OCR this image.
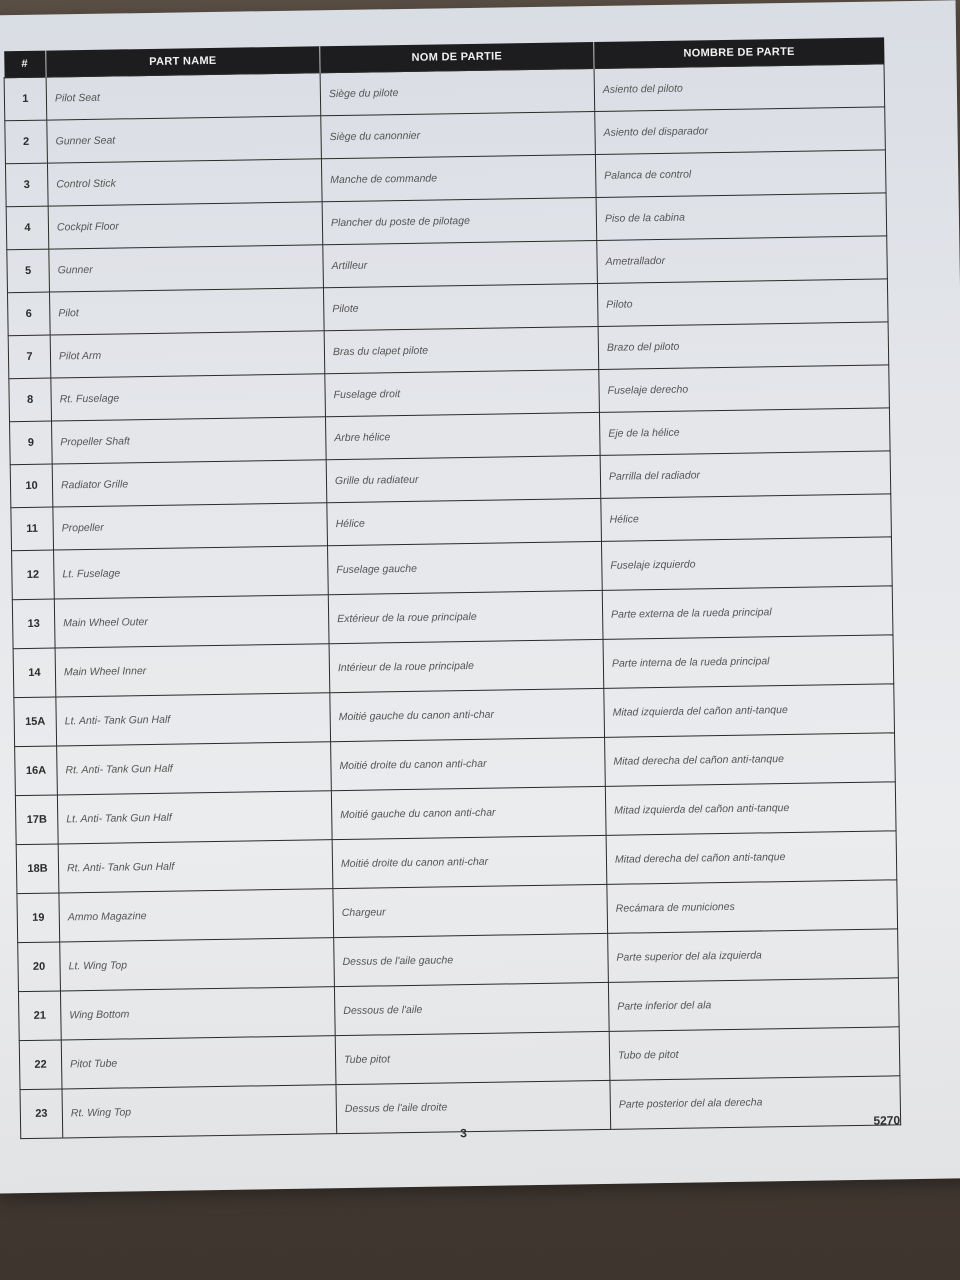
#	PART NAME	NOM DE PARTIE	NOMBRE DE PARTE
1	Pilot Seat	Siège du pilote	Asiento del piloto
2	Gunner Seat	Siège du canonnier	Asiento del disparador
3	Control Stick	Manche de commande	Palanca de control
4	Cockpit Floor	Plancher du poste de pilotage	Piso de la cabina
5	Gunner	Artilleur	Ametrallador
6	Pilot	Pilote	Piloto
7	Pilot Arm	Bras du clapet pilote	Brazo del piloto
8	Rt. Fuselage	Fuselage droit	Fuselaje derecho
9	Propeller Shaft	Arbre hélice	Eje de la hélice
10	Radiator Grille	Grille du radiateur	Parrilla del radiador
11	Propeller	Hélice	Hélice
12	Lt. Fuselage	Fuselage gauche	Fuselaje izquierdo
13	Main Wheel Outer	Extérieur de la roue principale	Parte externa de la rueda principal
14	Main Wheel Inner	Intérieur de la roue principale	Parte interna de la rueda principal
15A	Lt. Anti- Tank Gun Half	Moitié gauche du canon anti-char	Mitad izquierda del cañon anti-tanque
16A	Rt. Anti- Tank Gun Half	Moitié droite du canon anti-char	Mitad derecha del cañon anti-tanque
17B	Lt. Anti- Tank Gun Half	Moitié gauche du canon anti-char	Mitad izquierda del cañon anti-tanque
18B	Rt. Anti- Tank Gun Half	Moitié droite du canon anti-char	Mitad derecha del cañon anti-tanque
19	Ammo Magazine	Chargeur	Recámara de municiones
20	Lt. Wing Top	Dessus de l'aile gauche	Parte superior del ala izquierda
21	Wing Bottom	Dessous de l'aile	Parte inferior del ala
22	Pitot Tube	Tube pitot	Tubo de pitot
23	Rt. Wing Top	Dessus de l'aile droite	Parte posterior del ala derecha
3
5270
